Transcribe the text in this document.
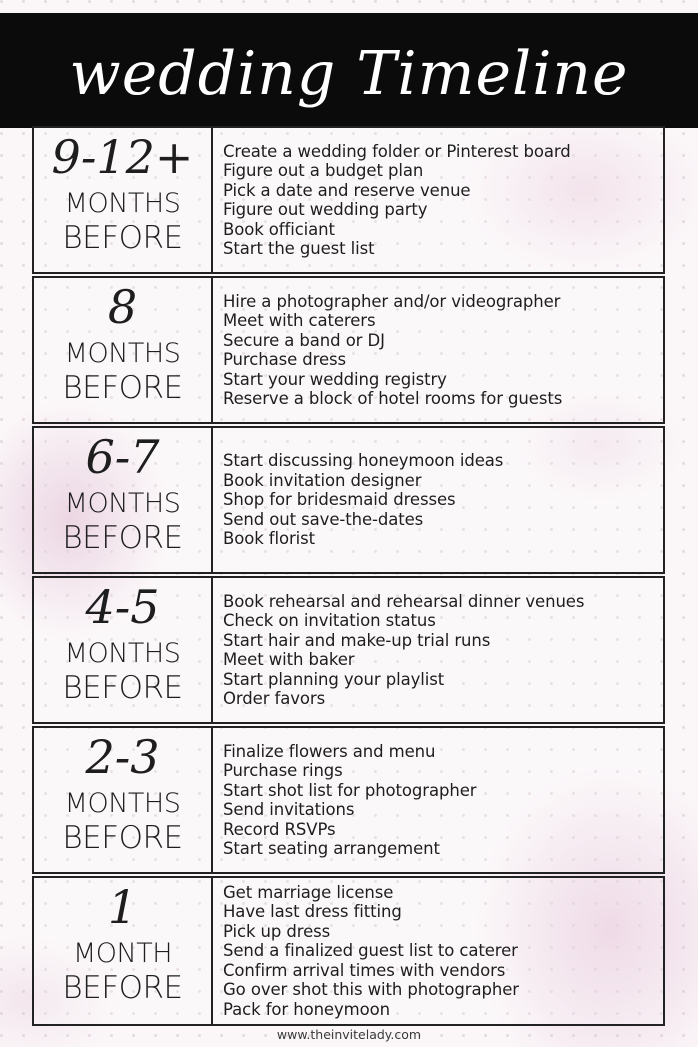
wedding Timeline
9-12+
MONTHS
BEFORE
Create a wedding folder or Pinterest board
Figure out a budget plan
Pick a date and reserve venue
Figure out wedding party
Book officiant
Start the guest list
8
MONTHS
BEFORE
Hire a photographer and/or videographer
Meet with caterers
Secure a band or DJ
Purchase dress
Start your wedding registry
Reserve a block of hotel rooms for guests
6-7
MONTHS
BEFORE
Start discussing honeymoon ideas
Book invitation designer
Shop for bridesmaid dresses
Send out save-the-dates
Book florist
4-5
MONTHS
BEFORE
Book rehearsal and rehearsal dinner venues
Check on invitation status
Start hair and make-up trial runs
Meet with baker
Start planning your playlist
Order favors
2-3
MONTHS
BEFORE
Finalize flowers and menu
Purchase rings
Start shot list for photographer
Send invitations
Record RSVPs
Start seating arrangement
1
MONTH
BEFORE
Get marriage license
Have last dress fitting
Pick up dress
Send a finalized guest list to caterer
Confirm arrival times with vendors
Go over shot this with photographer
Pack for honeymoon
www.theinvitelady.com
